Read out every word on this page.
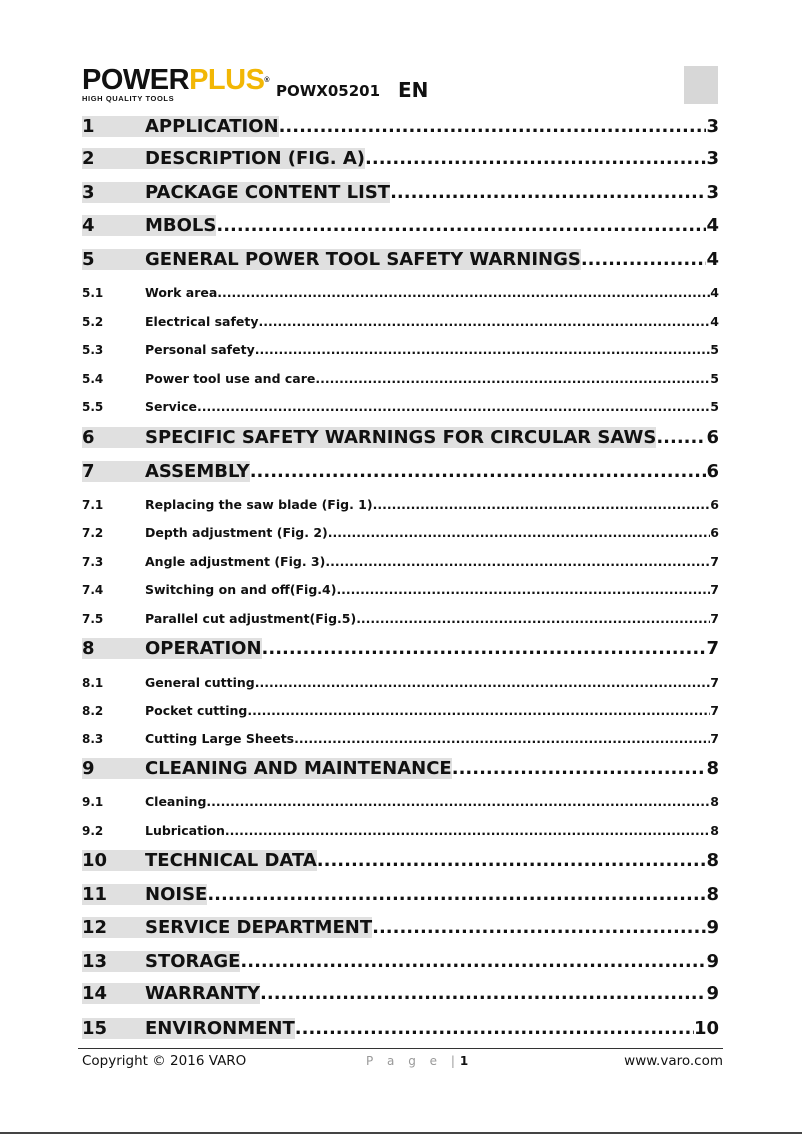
POWERPLUS®
HIGH QUALITY TOOLS	POWX05201 EN
1	APPLICATION .....	3
2	DESCRIPTION (FIG. A) .....	3
3	PACKAGE CONTENT LIST .....	3
4	MBOLS .....	4
5	GENERAL POWER TOOL SAFETY WARNINGS .....	4
5.1	Work area .....	4
5.2	Electrical safety .....	4
5.3	Personal safety .....	5
5.4	Power tool use and care .....	5
5.5	Service .....	5
6	SPECIFIC SAFETY WARNINGS FOR CIRCULAR SAWS .....	6
7	ASSEMBLY .....	6
7.1	Replacing the saw blade (Fig. 1) .....	6
7.2	Depth adjustment (Fig. 2) .....	6
7.3	Angle adjustment (Fig. 3) .....	7
7.4	Switching on and off(Fig.4) .....	7
7.5	Parallel cut adjustment(Fig.5) .....	7
8	OPERATION .....	7
8.1	General cutting .....	7
8.2	Pocket cutting .....	7
8.3	Cutting Large Sheets .....	7
9	CLEANING AND MAINTENANCE .....	8
9.1	Cleaning .....	8
9.2	Lubrication .....	8
10	TECHNICAL DATA .....	8
11	NOISE .....	8
12	SERVICE DEPARTMENT .....	9
13	STORAGE .....	9
14	WARRANTY .....	9
15	ENVIRONMENT .....	10
Copyright © 2016 VARO	P a g e |1	www.varo.com
